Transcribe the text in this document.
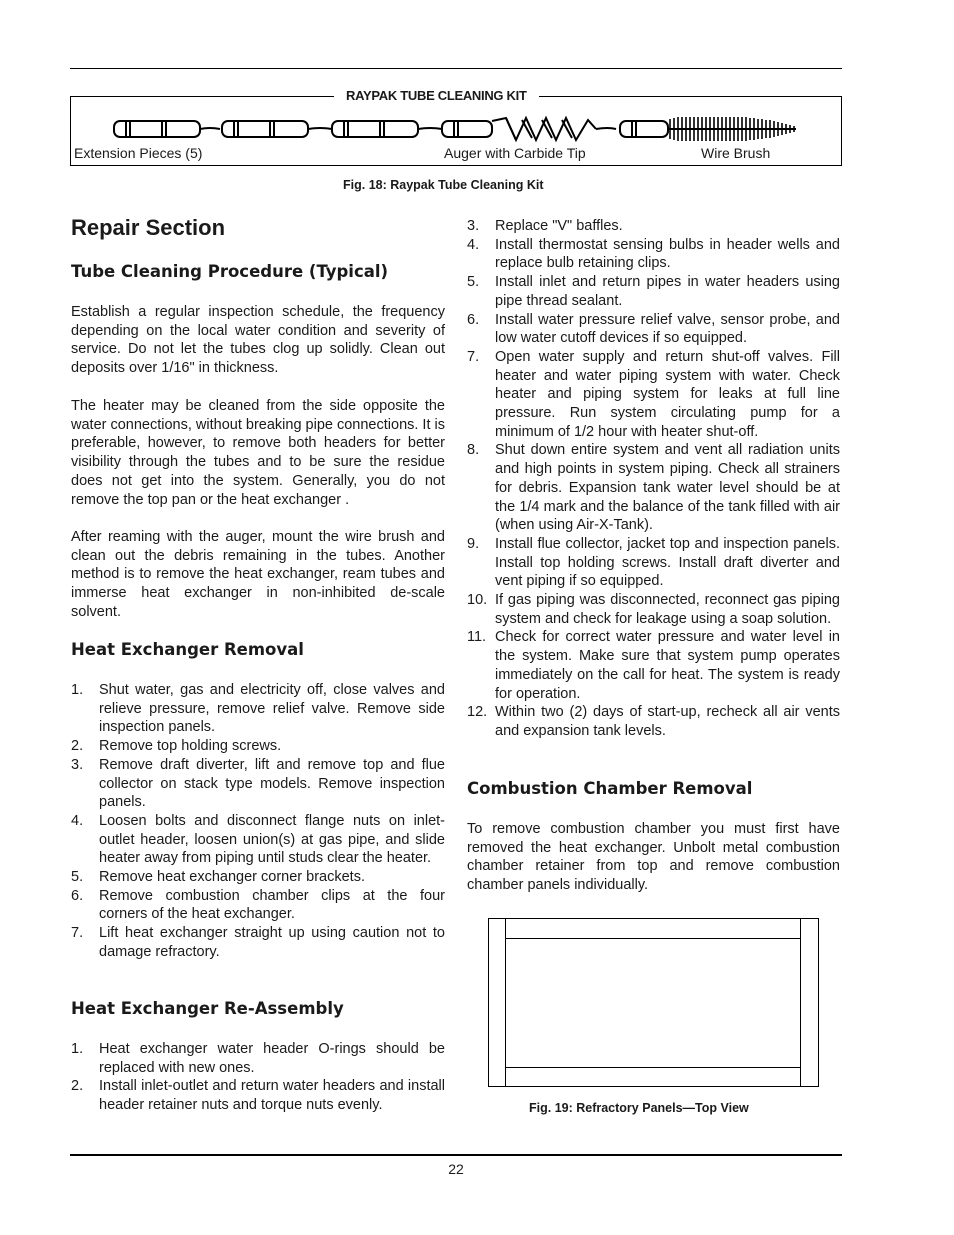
RAYPAK TUBE CLEANING KIT
Extension Pieces (5)	Auger with Carbide Tip	Wire Brush
Fig. 18: Raypak Tube Cleaning Kit
Repair Section
Tube Cleaning Procedure (Typical)

Establish a regular inspection schedule, the frequency depending on the local water condition and severity of service. Do not let the tubes clog up solidly. Clean out deposits over 1/16" in thickness.

The heater may be cleaned from the side opposite the water connections, without breaking pipe connections. It is preferable, however, to remove both headers for better visibility through the tubes and to be sure the residue does not get into the system. Generally, you do not remove the top pan or the heat exchanger .

After reaming with the auger, mount the wire brush and clean out the debris remaining in the tubes. Another method is to remove the heat exchanger, ream tubes and immerse heat exchanger in non-inhibited de-scale solvent.

Heat Exchanger Removal
1. Shut water, gas and electricity off, close valves and relieve pressure, remove relief valve. Remove side inspection panels.
2. Remove top holding screws.
3. Remove draft diverter, lift and remove top and flue collector on stack type models. Remove inspection panels.
4. Loosen bolts and disconnect flange nuts on inlet-outlet header, loosen union(s) at gas pipe, and slide heater away from piping until studs clear the heater.
5. Remove heat exchanger corner brackets.
6. Remove combustion chamber clips at the four corners of the heat exchanger.
7. Lift heat exchanger straight up using caution not to damage refractory.
Heat Exchanger Re-Assembly
1. Heat exchanger water header O-rings should be replaced with new ones.
2. Install inlet-outlet and return water headers and install header retainer nuts and torque nuts evenly.
3. Replace "V" baffles.
4. Install thermostat sensing bulbs in header wells and replace bulb retaining clips.
5. Install inlet and return pipes in water headers using pipe thread sealant.
6. Install water pressure relief valve, sensor probe, and low water cutoff devices if so equipped.
7. Open water supply and return shut-off valves. Fill heater and water piping system with water. Check heater and piping system for leaks at full line pressure. Run system circulating pump for a minimum of 1/2 hour with heater shut-off.
8. Shut down entire system and vent all radiation units and high points in system piping. Check all strainers for debris. Expansion tank water level should be at the 1/4 mark and the balance of the tank filled with air (when using Air-X-Tank).
9. Install flue collector, jacket top and inspection panels. Install top holding screws. Install draft diverter and vent piping if so equipped.
10. If gas piping was disconnected, reconnect gas piping system and check for leakage using a soap solution.
11. Check for correct water pressure and water level in the system. Make sure that system pump operates immediately on the call for heat. The system is ready for operation.
12. Within two (2) days of start-up, recheck all air vents and expansion tank levels.
Combustion Chamber Removal

To remove combustion chamber you must first have removed the heat exchanger. Unbolt metal combustion chamber retainer from top and remove combustion chamber panels individually.

Fig. 19: Refractory Panels—Top View
22
